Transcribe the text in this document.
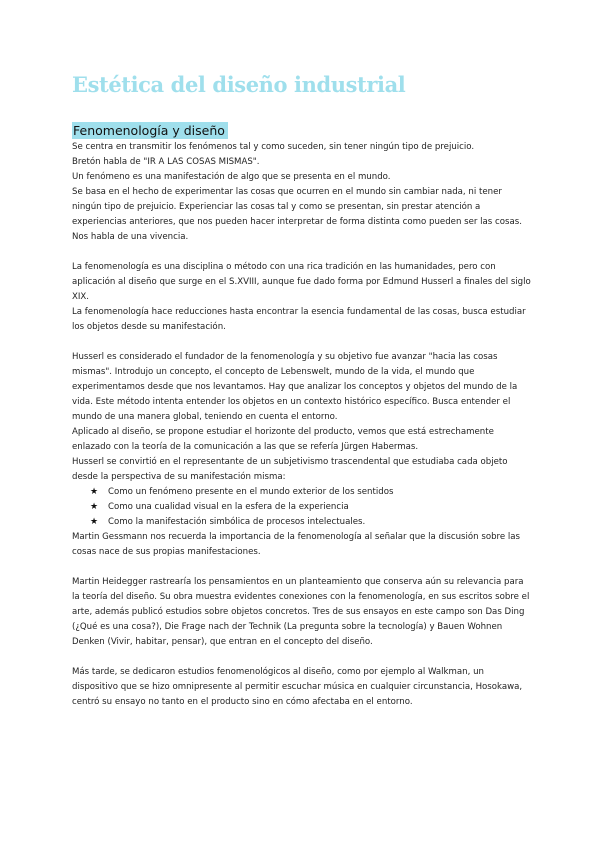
Estética del diseño industrial
Fenomenología y diseño

Se centra en transmitir los fenómenos tal y como suceden, sin tener ningún tipo de prejuicio.

Bretón habla de "IR A LAS COSAS MISMAS".

Un fenómeno es una manifestación de algo que se presenta en el mundo.

Se basa en el hecho de experimentar las cosas que ocurren en el mundo sin cambiar nada, ni tener ningún tipo de prejuicio. Experienciar las cosas tal y como se presentan, sin prestar atención a experiencias anteriores, que nos pueden hacer interpretar de forma distinta como pueden ser las cosas. Nos habla de una vivencia.

La fenomenología es una disciplina o método con una rica tradición en las humanidades, pero con aplicación al diseño que surge en el S.XVIII, aunque fue dado forma por Edmund Husserl a finales del siglo XIX.

La fenomenología hace reducciones hasta encontrar la esencia fundamental de las cosas, busca estudiar los objetos desde su manifestación.

Husserl es considerado el fundador de la fenomenología y su objetivo fue avanzar "hacia las cosas mismas". Introdujo un concepto, el concepto de Lebenswelt, mundo de la vida, el mundo que experimentamos desde que nos levantamos. Hay que analizar los conceptos y objetos del mundo de la vida. Este método intenta entender los objetos en un contexto histórico específico. Busca entender el mundo de una manera global, teniendo en cuenta el entorno.

Aplicado al diseño, se propone estudiar el horizonte del producto, vemos que está estrechamente enlazado con la teoría de la comunicación a las que se refería Jürgen Habermas.

Husserl se convirtió en el representante de un subjetivismo trascendental que estudiaba cada objeto desde la perspectiva de su manifestación misma:

★ Como un fenómeno presente en el mundo exterior de los sentidos
★ Como una cualidad visual en la esfera de la experiencia
★ Como la manifestación simbólica de procesos intelectuales.

Martin Gessmann nos recuerda la importancia de la fenomenología al señalar que la discusión sobre las cosas nace de sus propias manifestaciones.

Martin Heidegger rastrearía los pensamientos en un planteamiento que conserva aún su relevancia para la teoría del diseño. Su obra muestra evidentes conexiones con la fenomenología, en sus escritos sobre el arte, además publicó estudios sobre objetos concretos. Tres de sus ensayos en este campo son Das Ding (¿Qué es una cosa?), Die Frage nach der Technik (La pregunta sobre la tecnología) y Bauen Wohnen Denken (Vivir, habitar, pensar), que entran en el concepto del diseño.

Más tarde, se dedicaron estudios fenomenológicos al diseño, como por ejemplo al Walkman, un dispositivo que se hizo omnipresente al permitir escuchar música en cualquier circunstancia, Hosokawa, centró su ensayo no tanto en el producto sino en cómo afectaba en el entorno.
